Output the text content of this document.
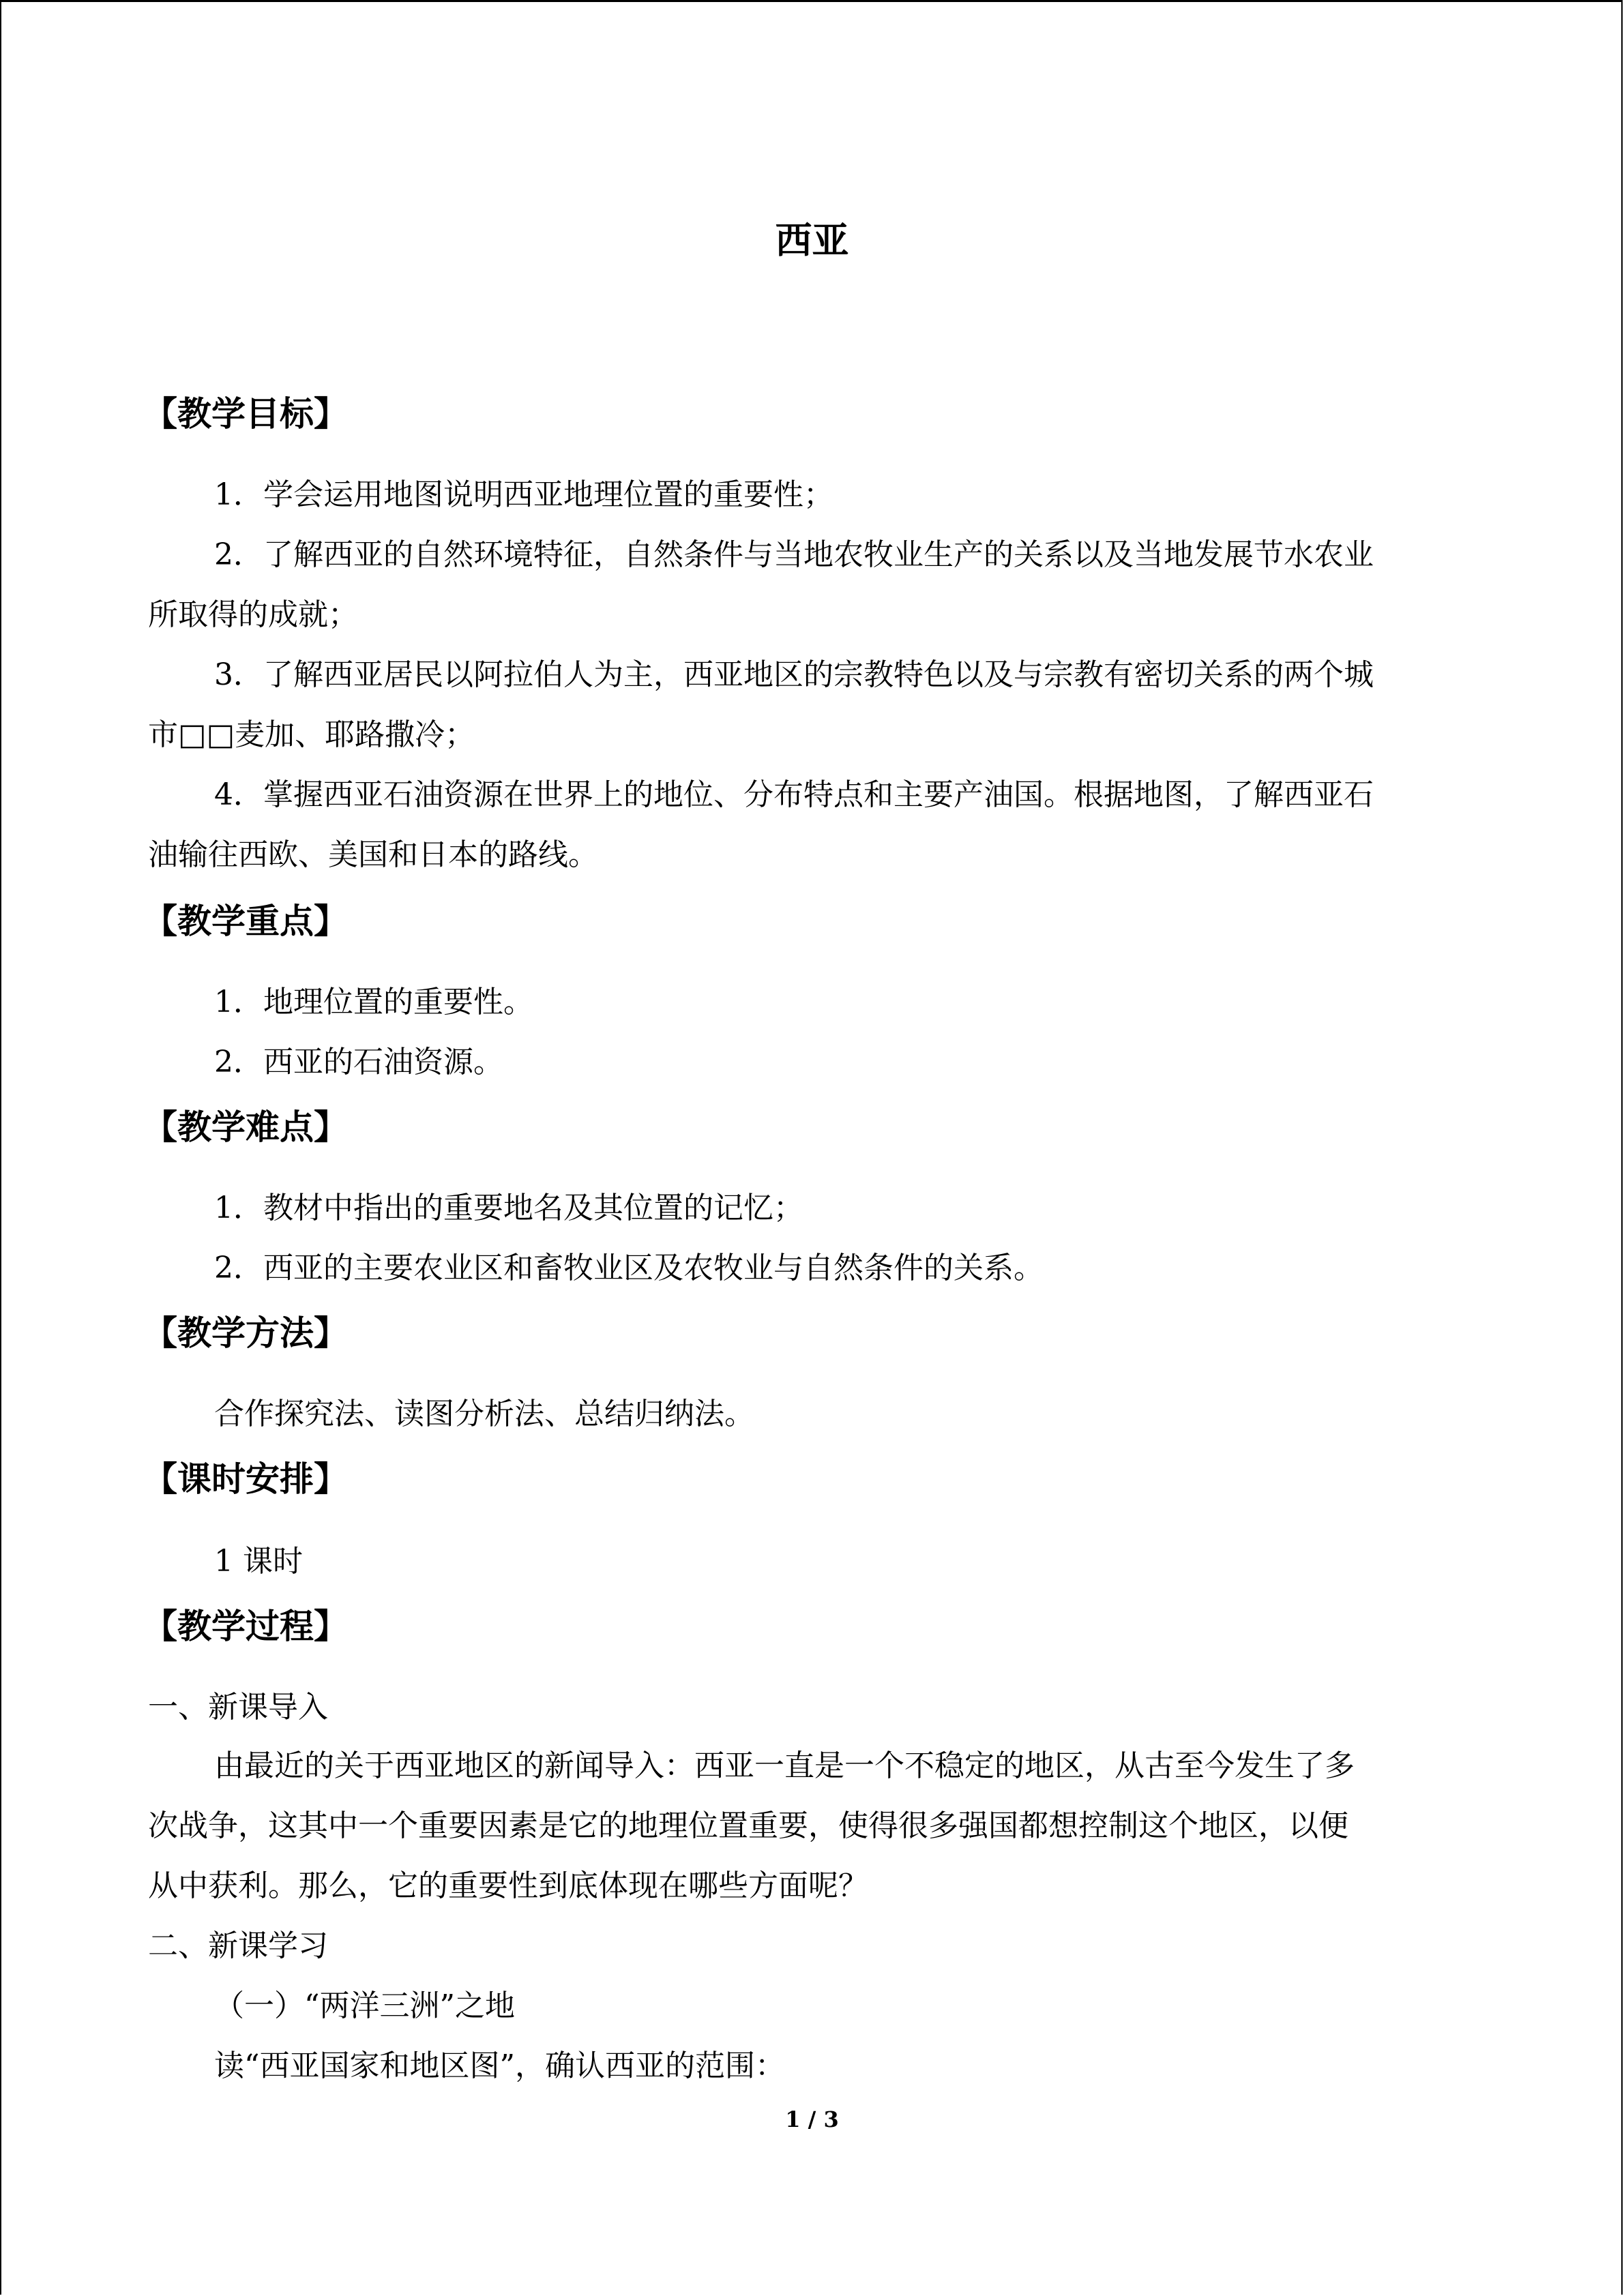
西亚
【教学目标】
1．学会运用地图说明西亚地理位置的重要性；
2．了解西亚的自然环境特征，自然条件与当地农牧业生产的关系以及当地发展节水农业
所取得的成就；
3．了解西亚居民以阿拉伯人为主，西亚地区的宗教特色以及与宗教有密切关系的两个城
市□□麦加、耶路撒冷；
4．掌握西亚石油资源在世界上的地位、分布特点和主要产油国。根据地图，了解西亚石
油输往西欧、美国和日本的路线。
【教学重点】
1．地理位置的重要性。
2．西亚的石油资源。
【教学难点】
1．教材中指出的重要地名及其位置的记忆；
2．西亚的主要农业区和畜牧业区及农牧业与自然条件的关系。
【教学方法】
合作探究法、读图分析法、总结归纳法。
【课时安排】
1 课时
【教学过程】
一、新课导入
由最近的关于西亚地区的新闻导入：西亚一直是一个不稳定的地区，从古至今发生了多
次战争，这其中一个重要因素是它的地理位置重要，使得很多强国都想控制这个地区，以便
从中获利。那么，它的重要性到底体现在哪些方面呢？
二、新课学习
（一）“两洋三洲”之地
读“西亚国家和地区图”，确认西亚的范围：
1 / 3
